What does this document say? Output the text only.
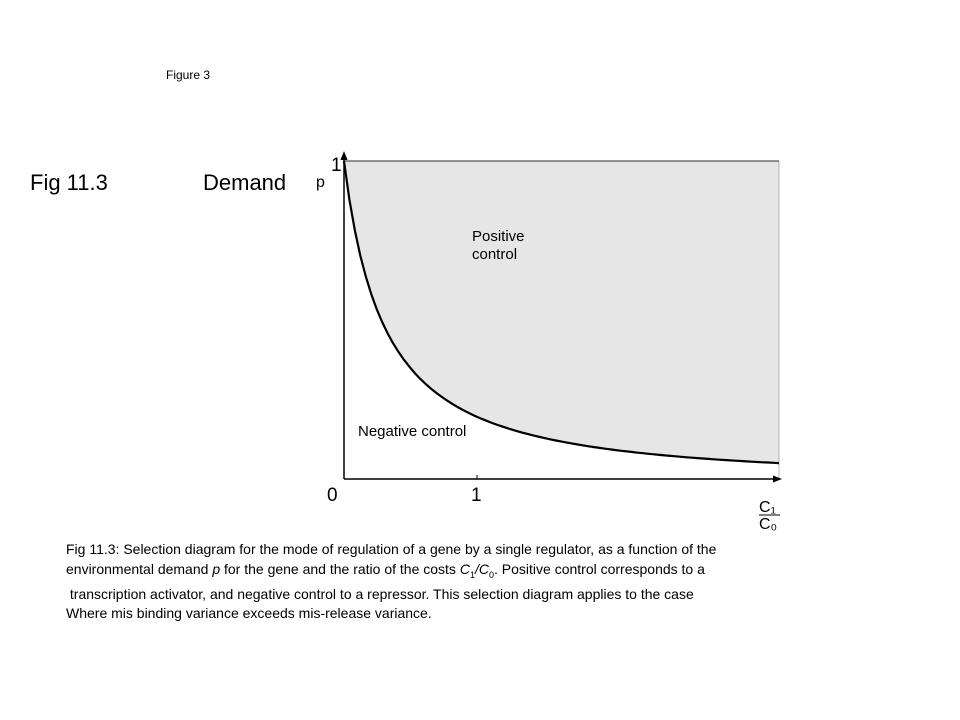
Figure 3
Fig 11.3	Demand
1
p
0	1
C₁
C₀
Positive
control
Negative control
Fig 11.3: Selection diagram for the mode of regulation of a gene by a single regulator, as a function of the
environmental demand p for the gene and the ratio of the costs $C_1/C_0$. Positive control corresponds to a
transcription activator, and negative control to a repressor. This selection diagram applies to the case
Where mis binding variance exceeds mis-release variance.
